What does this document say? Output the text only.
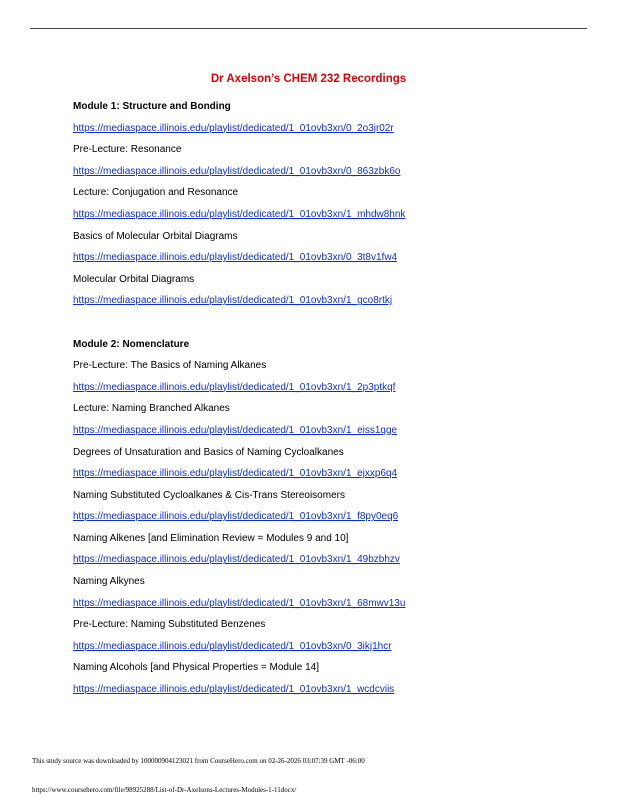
Dr Axelson’s CHEM 232 Recordings
Module 1: Structure and Bonding
https://mediaspace.illinois.edu/playlist/dedicated/1_01ovb3xn/0_2o3jr02r
Pre-Lecture: Resonance
https://mediaspace.illinois.edu/playlist/dedicated/1_01ovb3xn/0_863zbk6o
Lecture: Conjugation and Resonance
https://mediaspace.illinois.edu/playlist/dedicated/1_01ovb3xn/1_mhdw8hnk
Basics of Molecular Orbital Diagrams
https://mediaspace.illinois.edu/playlist/dedicated/1_01ovb3xn/0_3t8v1fw4
Molecular Orbital Diagrams
https://mediaspace.illinois.edu/playlist/dedicated/1_01ovb3xn/1_gco8rtkj
Module 2: Nomenclature
Pre-Lecture: The Basics of Naming Alkanes
https://mediaspace.illinois.edu/playlist/dedicated/1_01ovb3xn/1_2p3ptkqf
Lecture: Naming Branched Alkanes
https://mediaspace.illinois.edu/playlist/dedicated/1_01ovb3xn/1_eiss1qge
Degrees of Unsaturation and Basics of Naming Cycloalkanes
https://mediaspace.illinois.edu/playlist/dedicated/1_01ovb3xn/1_ejxxp6q4
Naming Substituted Cycloalkanes & Cis-Trans Stereoisomers
https://mediaspace.illinois.edu/playlist/dedicated/1_01ovb3xn/1_f8py0eq6
Naming Alkenes [and Elimination Review = Modules 9 and 10]
https://mediaspace.illinois.edu/playlist/dedicated/1_01ovb3xn/1_49bzbhzv
Naming Alkynes
https://mediaspace.illinois.edu/playlist/dedicated/1_01ovb3xn/1_68mwv13u
Pre-Lecture: Naming Substituted Benzenes
https://mediaspace.illinois.edu/playlist/dedicated/1_01ovb3xn/0_3ikj1hcr
Naming Alcohols [and Physical Properties = Module 14]
https://mediaspace.illinois.edu/playlist/dedicated/1_01ovb3xn/1_wcdcviis
This study source was downloaded by 100000904123021 from CourseHero.com on 02-26-2026 03:07:39 GMT -06:00
https://www.coursehero.com/file/98925288/List-of-Dr-Axelsons-Lectures-Modules-1-11docx/
